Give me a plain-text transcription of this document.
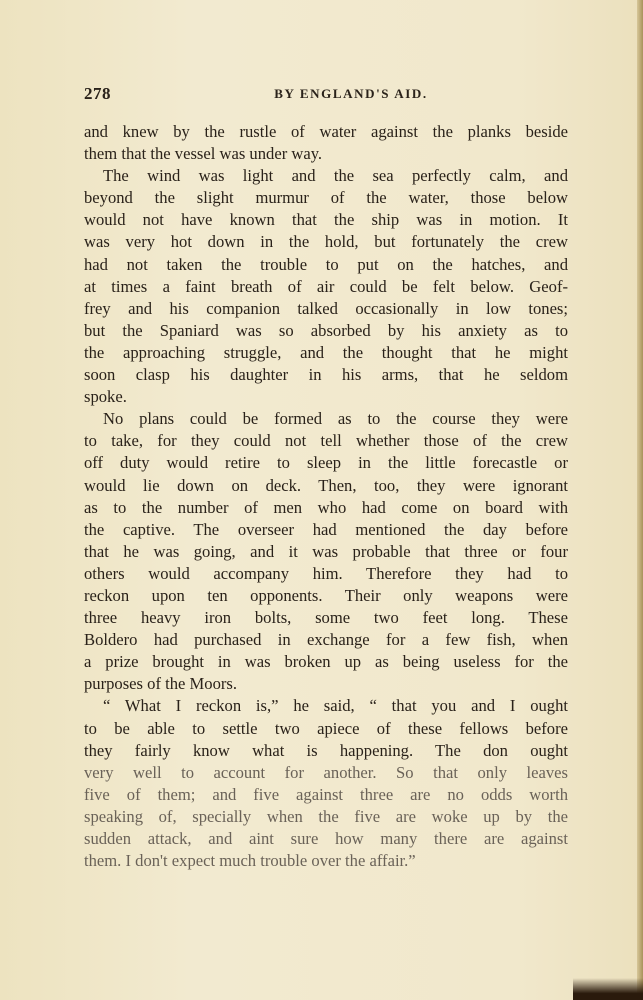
278	BY ENGLAND'S AID.
and knew by the rustle of water against the planks beside
them that the vessel was under way.
The wind was light and the sea perfectly calm, and
beyond the slight murmur of the water, those below
would not have known that the ship was in motion. It
was very hot down in the hold, but fortunately the crew
had not taken the trouble to put on the hatches, and
at times a faint breath of air could be felt below. Geof-
frey and his companion talked occasionally in low tones;
but the Spaniard was so absorbed by his anxiety as to
the approaching struggle, and the thought that he might
soon clasp his daughter in his arms, that he seldom
spoke.
No plans could be formed as to the course they were
to take, for they could not tell whether those of the crew
off duty would retire to sleep in the little forecastle or
would lie down on deck. Then, too, they were ignorant
as to the number of men who had come on board with
the captive. The overseer had mentioned the day before
that he was going, and it was probable that three or four
others would accompany him. Therefore they had to
reckon upon ten opponents. Their only weapons were
three heavy iron bolts, some two feet long. These
Boldero had purchased in exchange for a few fish, when
a prize brought in was broken up as being useless for the
purposes of the Moors.
“ What I reckon is,” he said, “ that you and I ought
to be able to settle two apiece of these fellows before
they fairly know what is happening. The don ought
very well to account for another. So that only leaves
five of them; and five against three are no odds worth
speaking of, specially when the five are woke up by the
sudden attack, and aint sure how many there are against
them. I don't expect much trouble over the affair.”
